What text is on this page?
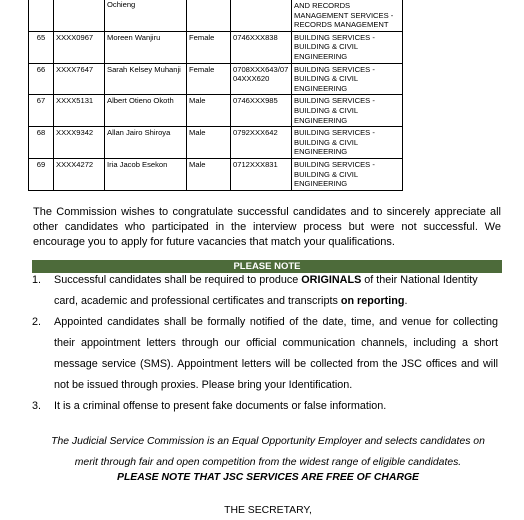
		Ochieng			AND RECORDS MANAGEMENT SERVICES - RECORDS MANAGEMENT
65	XXXX0967	Moreen Wanjiru	Female	0746XXX838	BUILDING SERVICES - BUILDING & CIVIL ENGINEERING
66	XXXX7647	Sarah Kelsey Muhanji	Female	0708XXX643/0704XXX620	BUILDING SERVICES - BUILDING & CIVIL ENGINEERING
67	XXXX5131	Albert Otieno Okoth	Male	0746XXX985	BUILDING SERVICES - BUILDING & CIVIL ENGINEERING
68	XXXX9342	Allan Jairo Shiroya	Male	0792XXX642	BUILDING SERVICES - BUILDING & CIVIL ENGINEERING
69	XXXX4272	Iria Jacob Esekon	Male	0712XXX831	BUILDING SERVICES - BUILDING & CIVIL ENGINEERING

The Commission wishes to congratulate successful candidates and to sincerely appreciate all other candidates who participated in the interview process but were not successful. We encourage you to apply for future vacancies that match your qualifications.

PLEASE NOTE
1.	Successful candidates shall be required to produce ORIGINALS of their National Identity card, academic and professional certificates and transcripts on reporting.
2.	Appointed candidates shall be formally notified of the date, time, and venue for collecting their appointment letters through our official communication channels, including a short message service (SMS). Appointment letters will be collected from the JSC offices and will not be issued through proxies. Please bring your Identification.
3.	It is a criminal offense to present fake documents or false information.

The Judicial Service Commission is an Equal Opportunity Employer and selects candidates on merit through fair and open competition from the widest range of eligible candidates.

PLEASE NOTE THAT JSC SERVICES ARE FREE OF CHARGE

THE SECRETARY,
